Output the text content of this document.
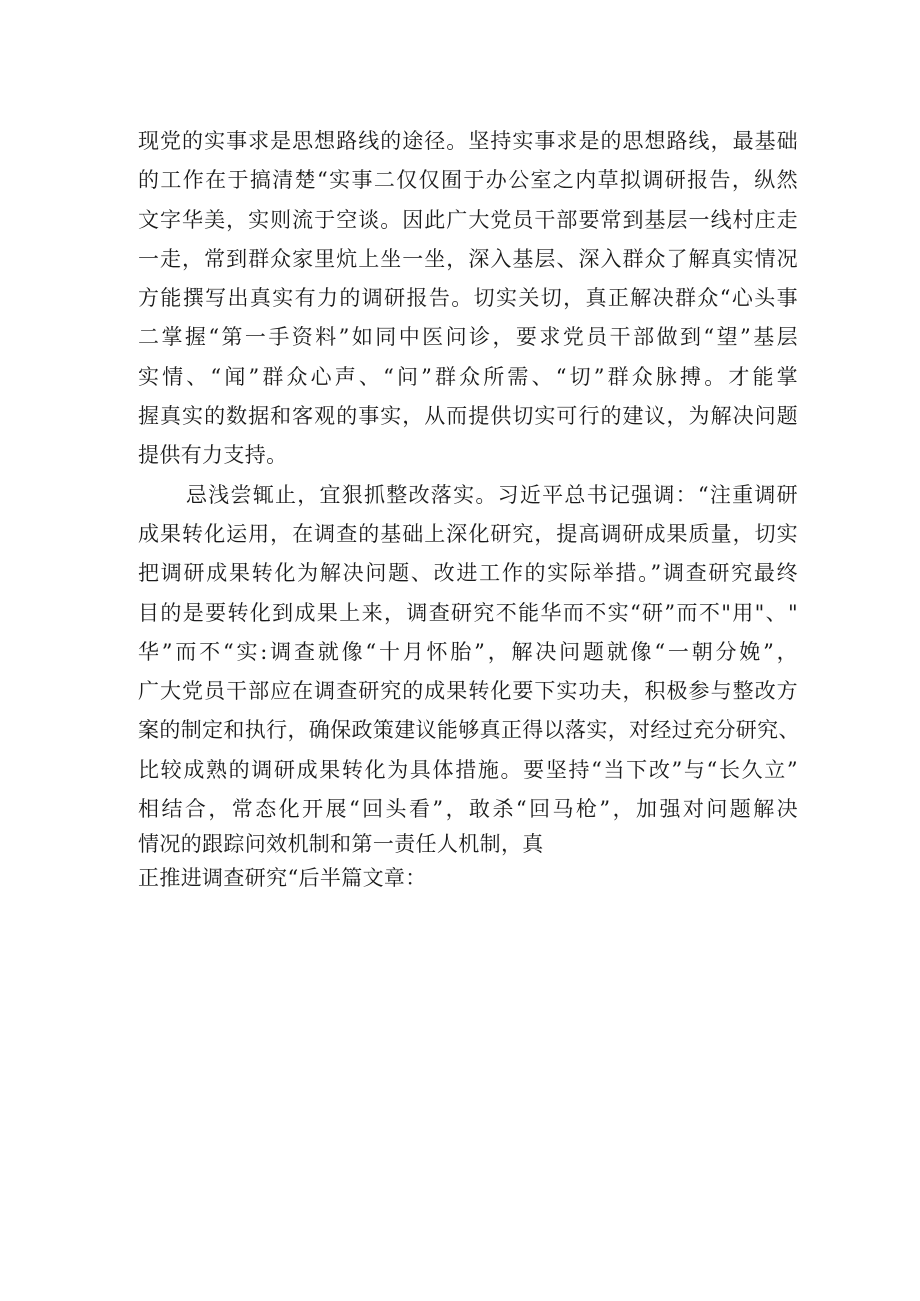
现党的实事求是思想路线的途径。坚持实事求是的思想路线，最基础
的工作在于搞清楚“实事二仅仅囿于办公室之内草拟调研报告，纵然
文字华美，实则流于空谈。因此广大党员干部要常到基层一线村庄走
一走，常到群众家里炕上坐一坐，深入基层、深入群众了解真实情况
方能撰写出真实有力的调研报告。切实关切，真正解决群众“心头事
二掌握“第一手资料”如同中医问诊，要求党员干部做到“望”基层
实情、“闻”群众心声、“问”群众所需、“切”群众脉搏。才能掌
握真实的数据和客观的事实，从而提供切实可行的建议，为解决问题
提供有力支持。
忌浅尝辄止，宜狠抓整改落实。习近平总书记强调：“注重调研
成果转化运用，在调查的基础上深化研究，提高调研成果质量，切实
把调研成果转化为解决问题、改进工作的实际举措。”调查研究最终
目的是要转化到成果上来，调查研究不能华而不实“研”而不"用"、"
华”而不“实:调查就像“十月怀胎”，解决问题就像“一朝分娩”，
广大党员干部应在调查研究的成果转化要下实功夫，积极参与整改方
案的制定和执行，确保政策建议能够真正得以落实，对经过充分研究、
比较成熟的调研成果转化为具体措施。要坚持“当下改”与“长久立”
相结合，常态化开展“回头看”，敢杀“回马枪”，加强对问题解决
情况的跟踪问效机制和第一责任人机制，真
正推进调查研究“后半篇文章：
